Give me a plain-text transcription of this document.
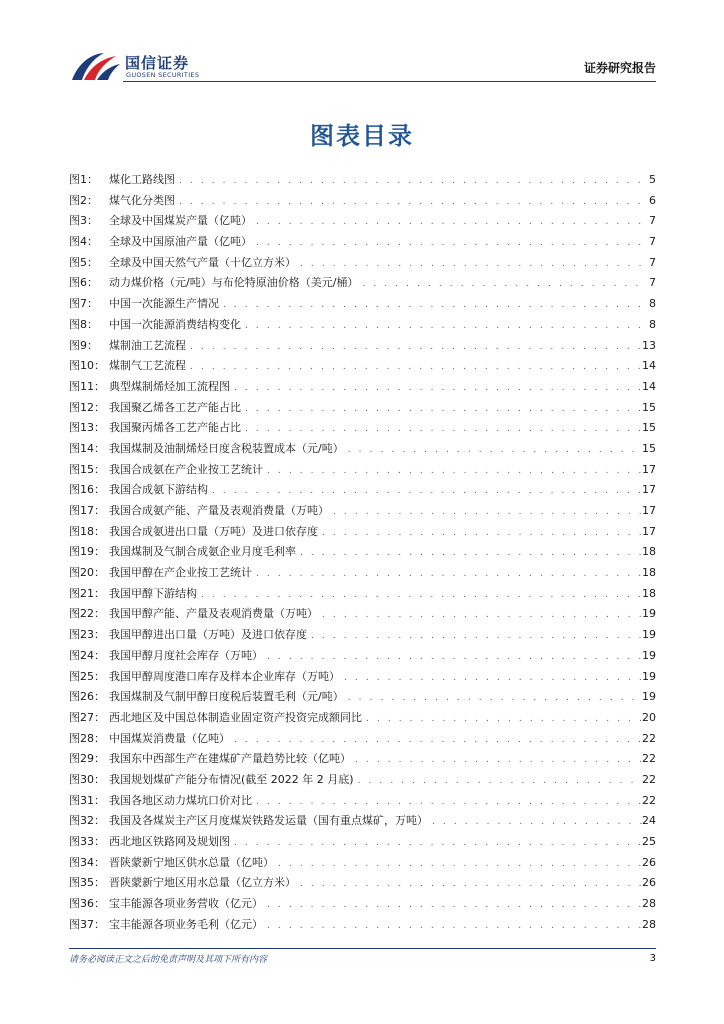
国信证券
GUOSEN SECURITIES	证券研究报告
图表目录
图1：	煤化工路线图 . . .	5
图2：	煤气化分类图 . . .	6
图3：	全球及中国煤炭产量（亿吨） . . .	7
图4：	全球及中国原油产量（亿吨） . . .	7
图5：	全球及中国天然气产量（十亿立方米） . . .	7
图6：	动力煤价格（元/吨）与布伦特原油价格（美元/桶） . . .	7
图7：	中国一次能源生产情况 . . .	8
图8：	中国一次能源消费结构变化 . . .	8
图9：	煤制油工艺流程 . . .	13
图10： 煤制气工艺流程 . . .	14
图11： 典型煤制烯烃加工流程图 . . .	14
图12： 我国聚乙烯各工艺产能占比 . . .	15
图13： 我国聚丙烯各工艺产能占比 . . .	15
图14： 我国煤制及油制烯烃日度含税装置成本（元/吨） . . .	15
图15： 我国合成氨在产企业按工艺统计 . . .	17
图16： 我国合成氨下游结构 . . .	17
图17： 我国合成氨产能、产量及表观消费量（万吨） . . .	17
图18： 我国合成氨进出口量（万吨）及进口依存度 . . .	17
图19： 我国煤制及气制合成氨企业月度毛利率 . . .	18
图20： 我国甲醇在产企业按工艺统计 . . .	18
图21： 我国甲醇下游结构 . . .	18
图22： 我国甲醇产能、产量及表观消费量（万吨） . . .	19
图23： 我国甲醇进出口量（万吨）及进口依存度 . . .	19
图24： 我国甲醇月度社会库存（万吨） . . .	19
图25： 我国甲醇周度港口库存及样本企业库存（万吨） . . .	19
图26： 我国煤制及气制甲醇日度税后装置毛利（元/吨） . . .	19
图27： 西北地区及中国总体制造业固定资产投资完成额同比 . . .	20
图28： 中国煤炭消费量（亿吨） . . .	22
图29： 我国东中西部生产在建煤矿产量趋势比较（亿吨） . . .	22
图30： 我国规划煤矿产能分布情况(截至 2022 年 2 月底) . . .	22
图31： 我国各地区动力煤坑口价对比 . . .	22
图32： 我国及各煤炭主产区月度煤炭铁路发运量（国有重点煤矿，万吨） . . .	24
图33： 西北地区铁路网及规划图 . . .	25
图34： 晋陕蒙新宁地区供水总量（亿吨） . . .	26
图35： 晋陕蒙新宁地区用水总量（亿立方米） . . .	26
图36： 宝丰能源各项业务营收（亿元） . . .	28
图37： 宝丰能源各项业务毛利（亿元） . . .	28
请务必阅读正文之后的免责声明及其项下所有内容	3
